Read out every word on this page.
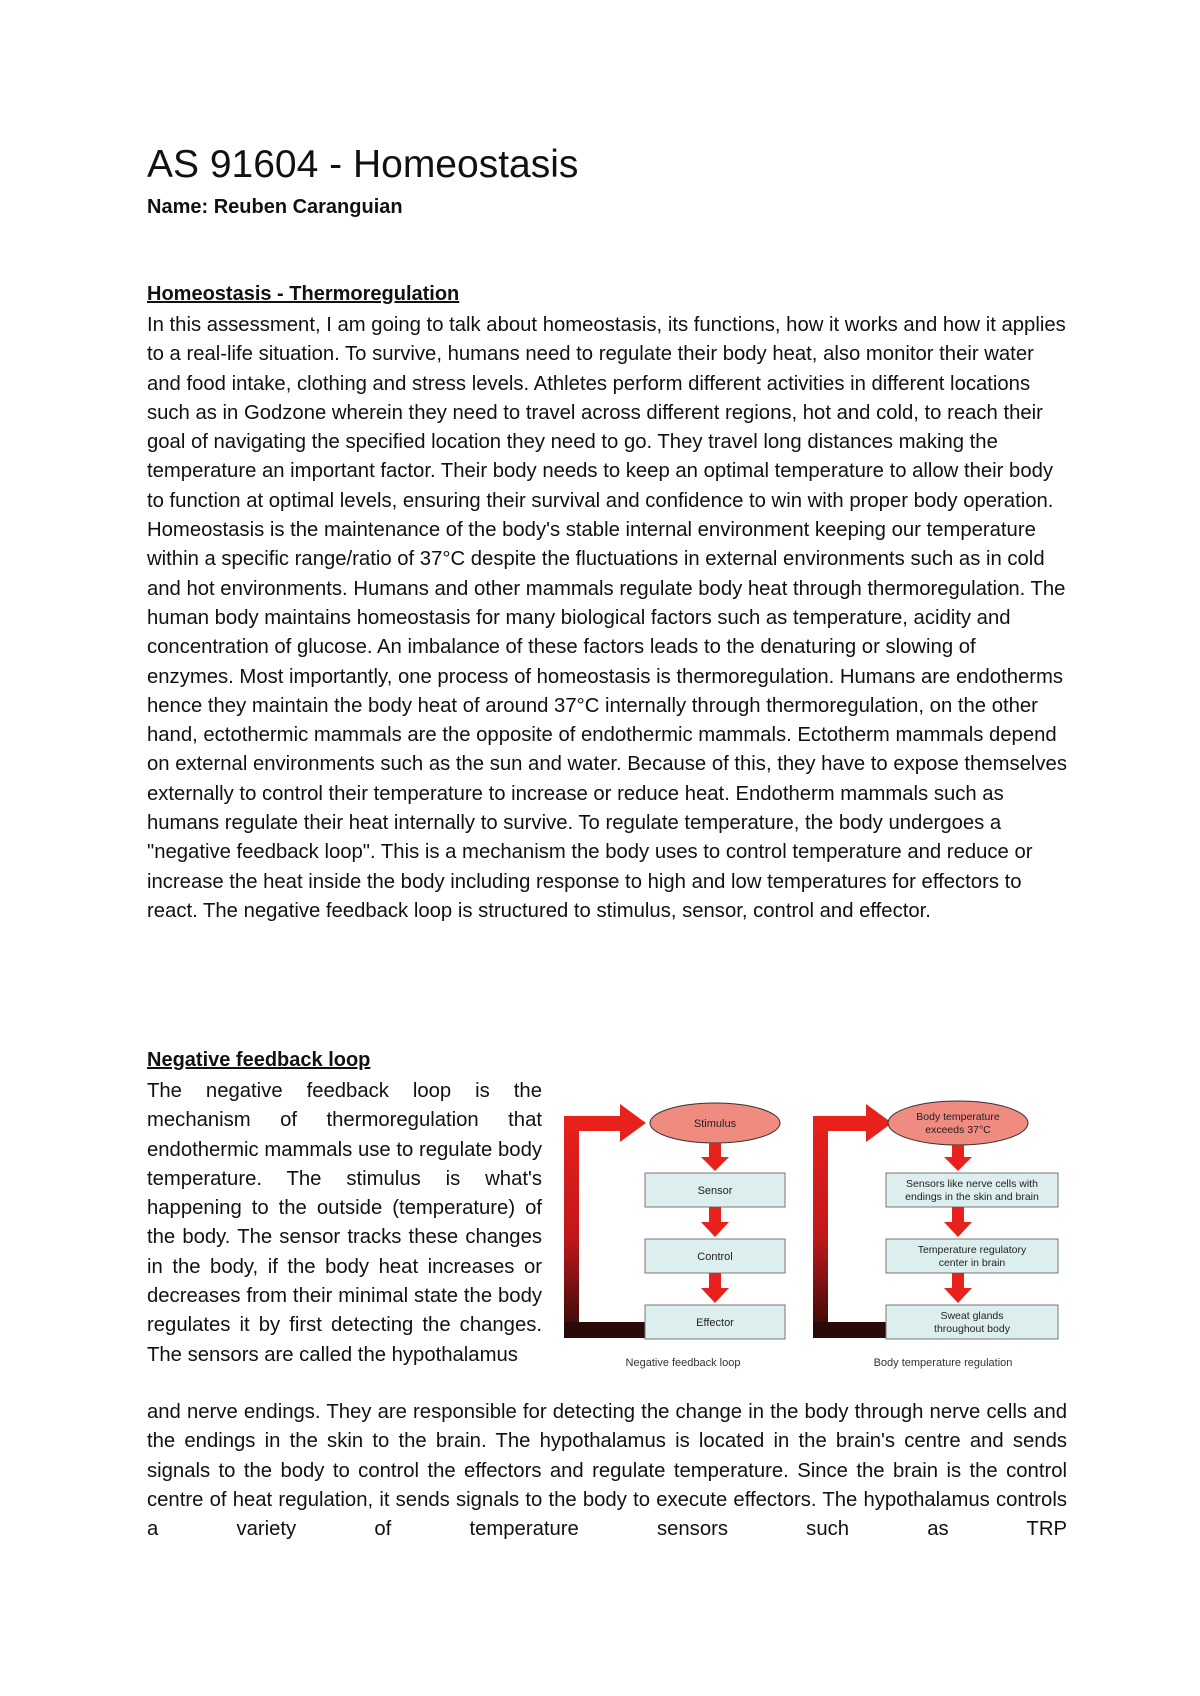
AS 91604 - Homeostasis
Name: Reuben Caranguian
Homeostasis - Thermoregulation

In this assessment, I am going to talk about homeostasis, its functions, how it works and how it applies to a real-life situation. To survive, humans need to regulate their body heat, also monitor their water and food intake, clothing and stress levels. Athletes perform different activities in different locations such as in Godzone wherein they need to travel across different regions, hot and cold, to reach their goal of navigating the specified location they need to go. They travel long distances making the temperature an important factor. Their body needs to keep an optimal temperature to allow their body to function at optimal levels, ensuring their survival and confidence to win with proper body operation. Homeostasis is the maintenance of the body's stable internal environment keeping our temperature within a specific range/ratio of 37°C despite the fluctuations in external environments such as in cold and hot environments. Humans and other mammals regulate body heat through thermoregulation. The human body maintains homeostasis for many biological factors such as temperature, acidity and concentration of glucose. An imbalance of these factors leads to the denaturing or slowing of enzymes. Most importantly, one process of homeostasis is thermoregulation. Humans are endotherms hence they maintain the body heat of around 37°C internally through thermoregulation, on the other hand, ectothermic mammals are the opposite of endothermic mammals. Ectotherm mammals depend on external environments such as the sun and water. Because of this, they have to expose themselves externally to control their temperature to increase or reduce heat. Endotherm mammals such as humans regulate their heat internally to survive. To regulate temperature, the body undergoes a "negative feedback loop". This is a mechanism the body uses to control temperature and reduce or increase the heat inside the body including response to high and low temperatures for effectors to react. The negative feedback loop is structured to stimulus, sensor, control and effector.

Negative feedback loop

The negative feedback loop is the mechanism of thermoregulation that endothermic mammals use to regulate body temperature. The stimulus is what's happening to the outside (temperature) of the body. The sensor tracks these changes in the body, if the body heat increases or decreases from their minimal state the body regulates it by first detecting the changes. The sensors are called the hypothalamus

Stimulus
Sensor
Control
Effector
Negative feedback loop
Body temperature
exceeds 37°C
Sensors like nerve cells with
endings in the skin and brain
Temperature regulatory
center in brain
Sweat glands
throughout body
Body temperature regulation

and nerve endings. They are responsible for detecting the change in the body through nerve cells and the endings in the skin to the brain. The hypothalamus is located in the brain's centre and sends signals to the body to control the effectors and regulate temperature. Since the brain is the control centre of heat regulation, it sends signals to the body to execute effectors. The hypothalamus controls a variety of temperature sensors such as TRP
